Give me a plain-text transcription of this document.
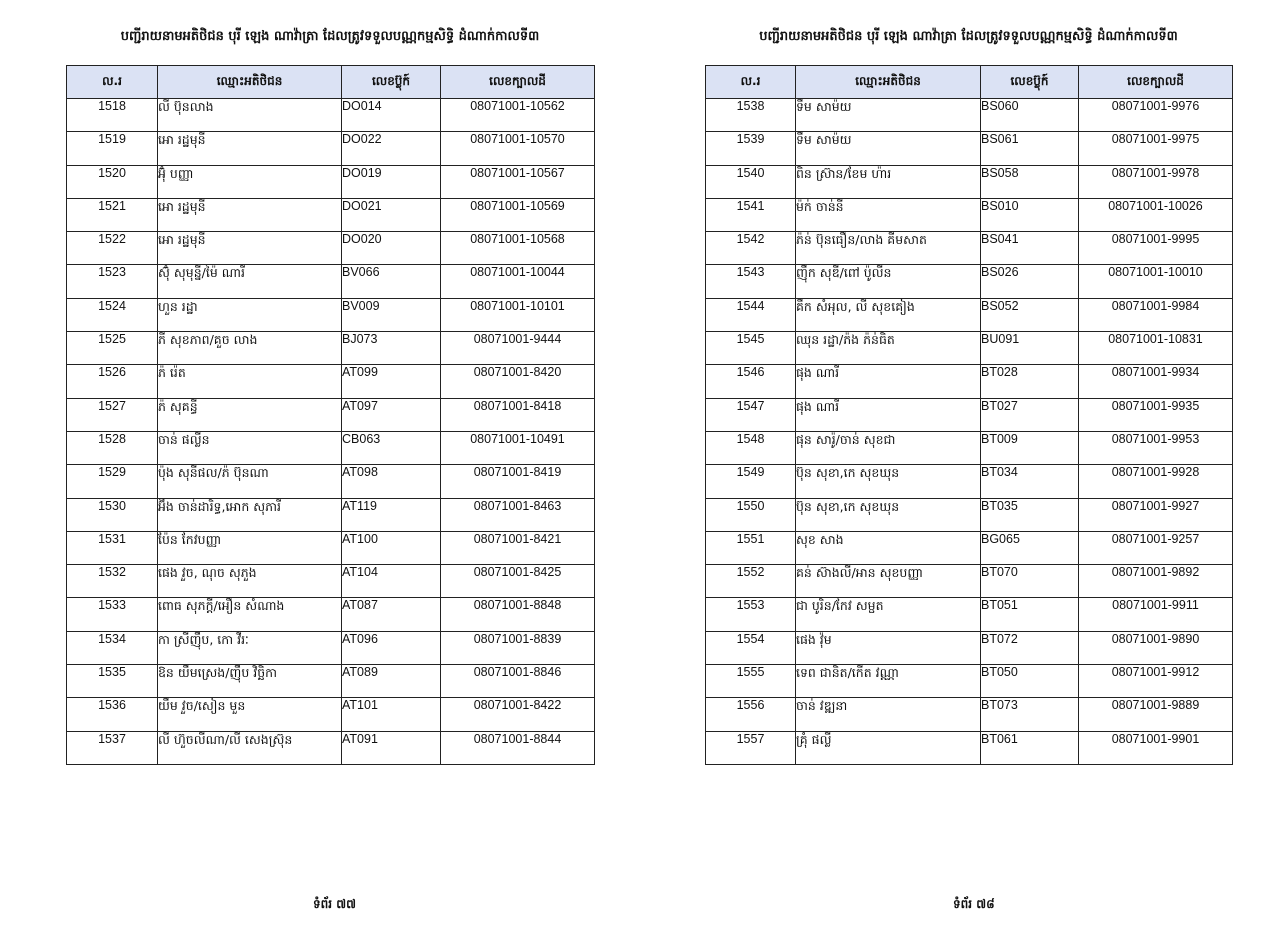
បញ្ជីរាយនាមអតិថិជន បុរី ឡេង ណាវ៉ាត្រា ដែលត្រូវទទួលបណ្ណកម្មសិទ្ធិ ដំណាក់កាលទី៣
ល.រ	ឈ្មោះអតិថិជន	លេខប៊្លុក៍	លេខក្បាលដី
1518	លី ប៊ុនលាង	DO014	08071001-10562
1519	អោ រដ្ឋមុនី	DO022	08071001-10570
1520	អ៊ុំ បញ្ញា	DO019	08071001-10567
1521	អោ រដ្ឋមុនី	DO021	08071001-10569
1522	អោ រដ្ឋមុនី	DO020	08071001-10568
1523	ស៊ុំ សុមុន្នី/ម៉ៃ ណារី	BV066	08071001-10044
1524	ហួន រដ្ឋា	BV009	08071001-10101
1525	ភី សុខភាព/គួច លាង	BJ073	08071001-9444
1526	ភ៉ រ៉េត	AT099	08071001-8420
1527	ភ៉ សុគន្ធី	AT097	08071001-8418
1528	ចាន់ ផល្លីន	CB063	08071001-10491
1529	ប៉ុង សុនីផល/ភ៉ ប៊ុនណា	AT098	08071001-8419
1530	អ៊ឹង ចាន់ដារិទ្ធ,អោក សុភារី	AT119	08071001-8463
1531	ប៉ែន កែវបញ្ញា	AT100	08071001-8421
1532	ផេង វួច, ណុច សុភួង	AT104	08071001-8425
1533	ពោធ សុភក្តី/អឿន សំណាង	AT087	08071001-8848
1534	កា ស្រីញ៉ឹប, កោ វីរៈ	AT096	08071001-8839
1535	ឱន យឹមស្រេង/ញ៉ឹប វិច្ឆិកា	AT089	08071001-8846
1536	យឹម វួច/សៀន មួន	AT101	08071001-8422
1537	លី ហ៊ួចលីណា/លី សេងស្រ៊ុន	AT091	08071001-8844
ទំព័រ ៧៧
បញ្ជីរាយនាមអតិថិជន បុរី ឡេង ណាវ៉ាត្រា ដែលត្រូវទទួលបណ្ណកម្មសិទ្ធិ ដំណាក់កាលទី៣
ល.រ	ឈ្មោះអតិថិជន	លេខប៊្លុក៍	លេខក្បាលដី
1538	ទឹម សាម៉យ	BS060	08071001-9976
1539	ទឹម សាម៉យ	BS061	08071001-9975
1540	ពិន ស្រ៊ាន/ខែម ហ៉ារ	BS058	08071001-9978
1541	ម៉ក់ ចាន់នី	BS010	08071001-10026
1542	ភ៉ន់ ប៊ុនធឿន/លាង គីមសាត	BS041	08071001-9995
1543	ញ៉ឹក សុឌី/ពៅ ប៉ូលីន	BS026	08071001-10010
1544	គឹក សំអុល, លី សុខគៀង	BS052	08071001-9984
1545	ឈុន រដ្ឋា/ភ៉ង ភ៉ន់ធិត	BU091	08071001-10831
1546	ផុង ណារី	BT028	08071001-9934
1547	ផុង ណារី	BT027	08071001-9935
1548	ផុន សារ៉ូ/ចាន់ សុខជា	BT009	08071001-9953
1549	ប៊ុន សុខា,កេ សុខឃុន	BT034	08071001-9928
1550	ប៊ុន សុខា,កេ សុខឃុន	BT035	08071001-9927
1551	សុខ សាង	BG065	08071001-9257
1552	គន់ ស៊ាងលី/អាន សុខបញ្ញា	BT070	08071001-9892
1553	ជា បូរិន/កែវ សម្ផត	BT051	08071001-9911
1554	ផេង វ៉ុម	BT072	08071001-9890
1555	ទេព ជានិត/កើត វណ្ណា	BT050	08071001-9912
1556	ចាន់ វឌ្ឍនា	BT073	08071001-9889
1557	គ្រុំ ផល្លី	BT061	08071001-9901
ទំព័រ ៧៨
